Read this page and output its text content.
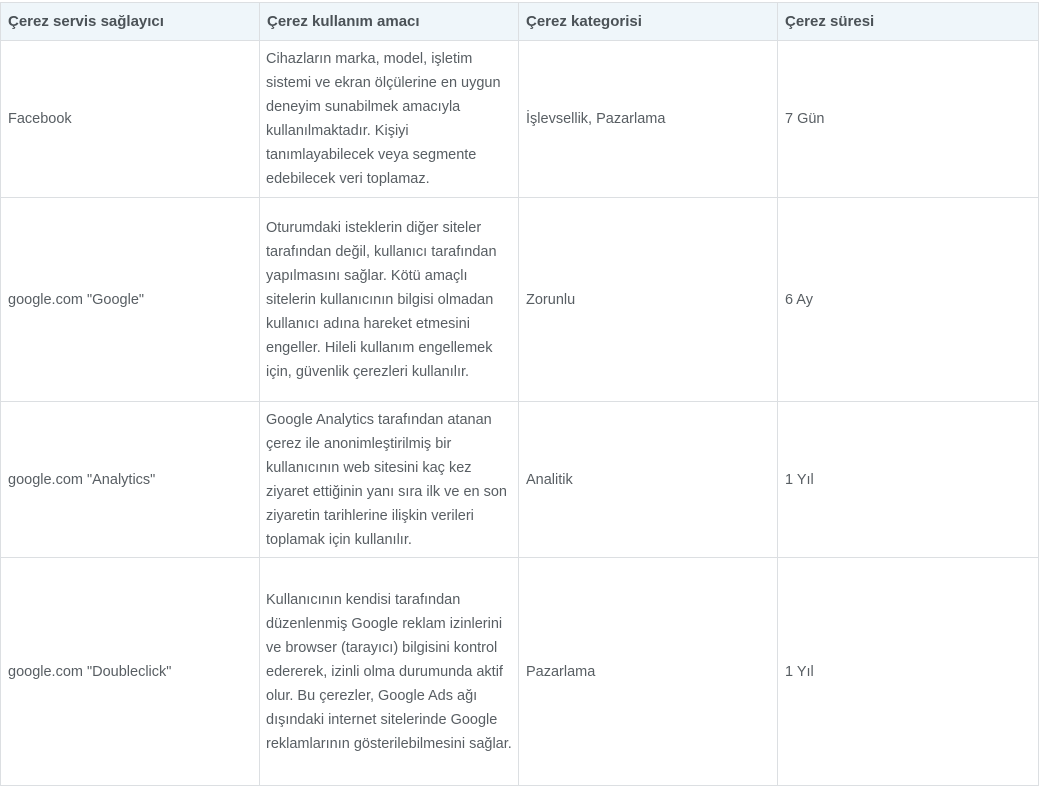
Çerez servis sağlayıcı	Çerez kullanım amacı	Çerez kategorisi	Çerez süresi
Facebook	Cihazların marka, model, işletim sistemi ve ekran ölçülerine en uygun deneyim sunabilmek amacıyla kullanılmaktadır. Kişiyi tanımlayabilecek veya segmente edebilecek veri toplamaz.	İşlevsellik, Pazarlama	7 Gün
google.com "Google"	Oturumdaki isteklerin diğer siteler tarafından değil, kullanıcı tarafından yapılmasını sağlar. Kötü amaçlı sitelerin kullanıcının bilgisi olmadan kullanıcı adına hareket etmesini engeller. Hileli kullanım engellemek için, güvenlik çerezleri kullanılır.	Zorunlu	6 Ay
google.com "Analytics"	Google Analytics tarafından atanan çerez ile anonimleştirilmiş bir kullanıcının web sitesini kaç kez ziyaret ettiğinin yanı sıra ilk ve en son ziyaretin tarihlerine ilişkin verileri toplamak için kullanılır.	Analitik	1 Yıl
google.com "Doubleclick"	Kullanıcının kendisi tarafından düzenlenmiş Google reklam izinlerini ve browser (tarayıcı) bilgisini kontrol edererek, izinli olma durumunda aktif olur. Bu çerezler, Google Ads ağı dışındaki internet sitelerinde Google reklamlarının gösterilebilmesini sağlar.	Pazarlama	1 Yıl
